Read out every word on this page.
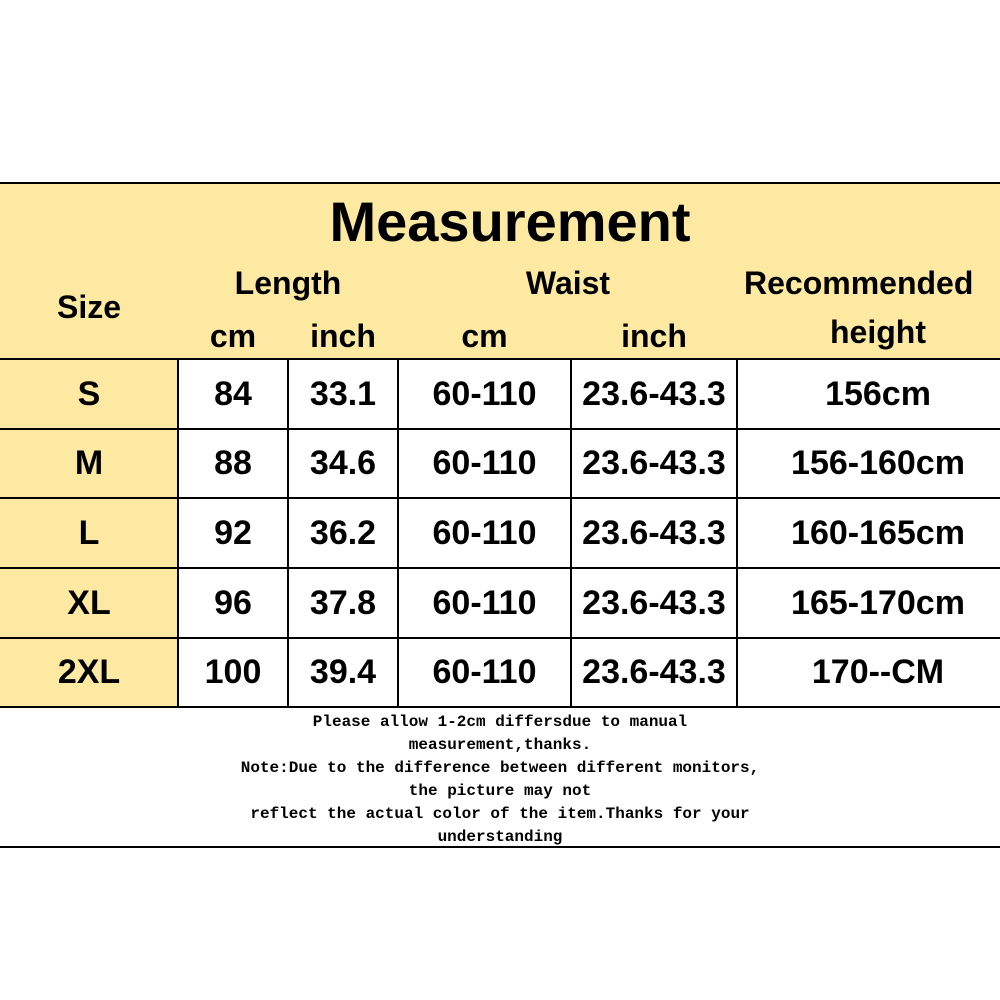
Measurement
Size
Length	Waist	Recommended
height
cm	inch	cm	inch
S	84	33.1	60-110	23.6-43.3	156cm
M	88	34.6	60-110	23.6-43.3	156-160cm
L	92	36.2	60-110	23.6-43.3	160-165cm
XL	96	37.8	60-110	23.6-43.3	165-170cm
2XL	100	39.4	60-110	23.6-43.3	170--CM
Please allow 1-2cm differsdue to manual
measurement,thanks.
Note:Due to the difference between different monitors,
the picture may not
reflect the actual color of the item.Thanks for your
understanding
